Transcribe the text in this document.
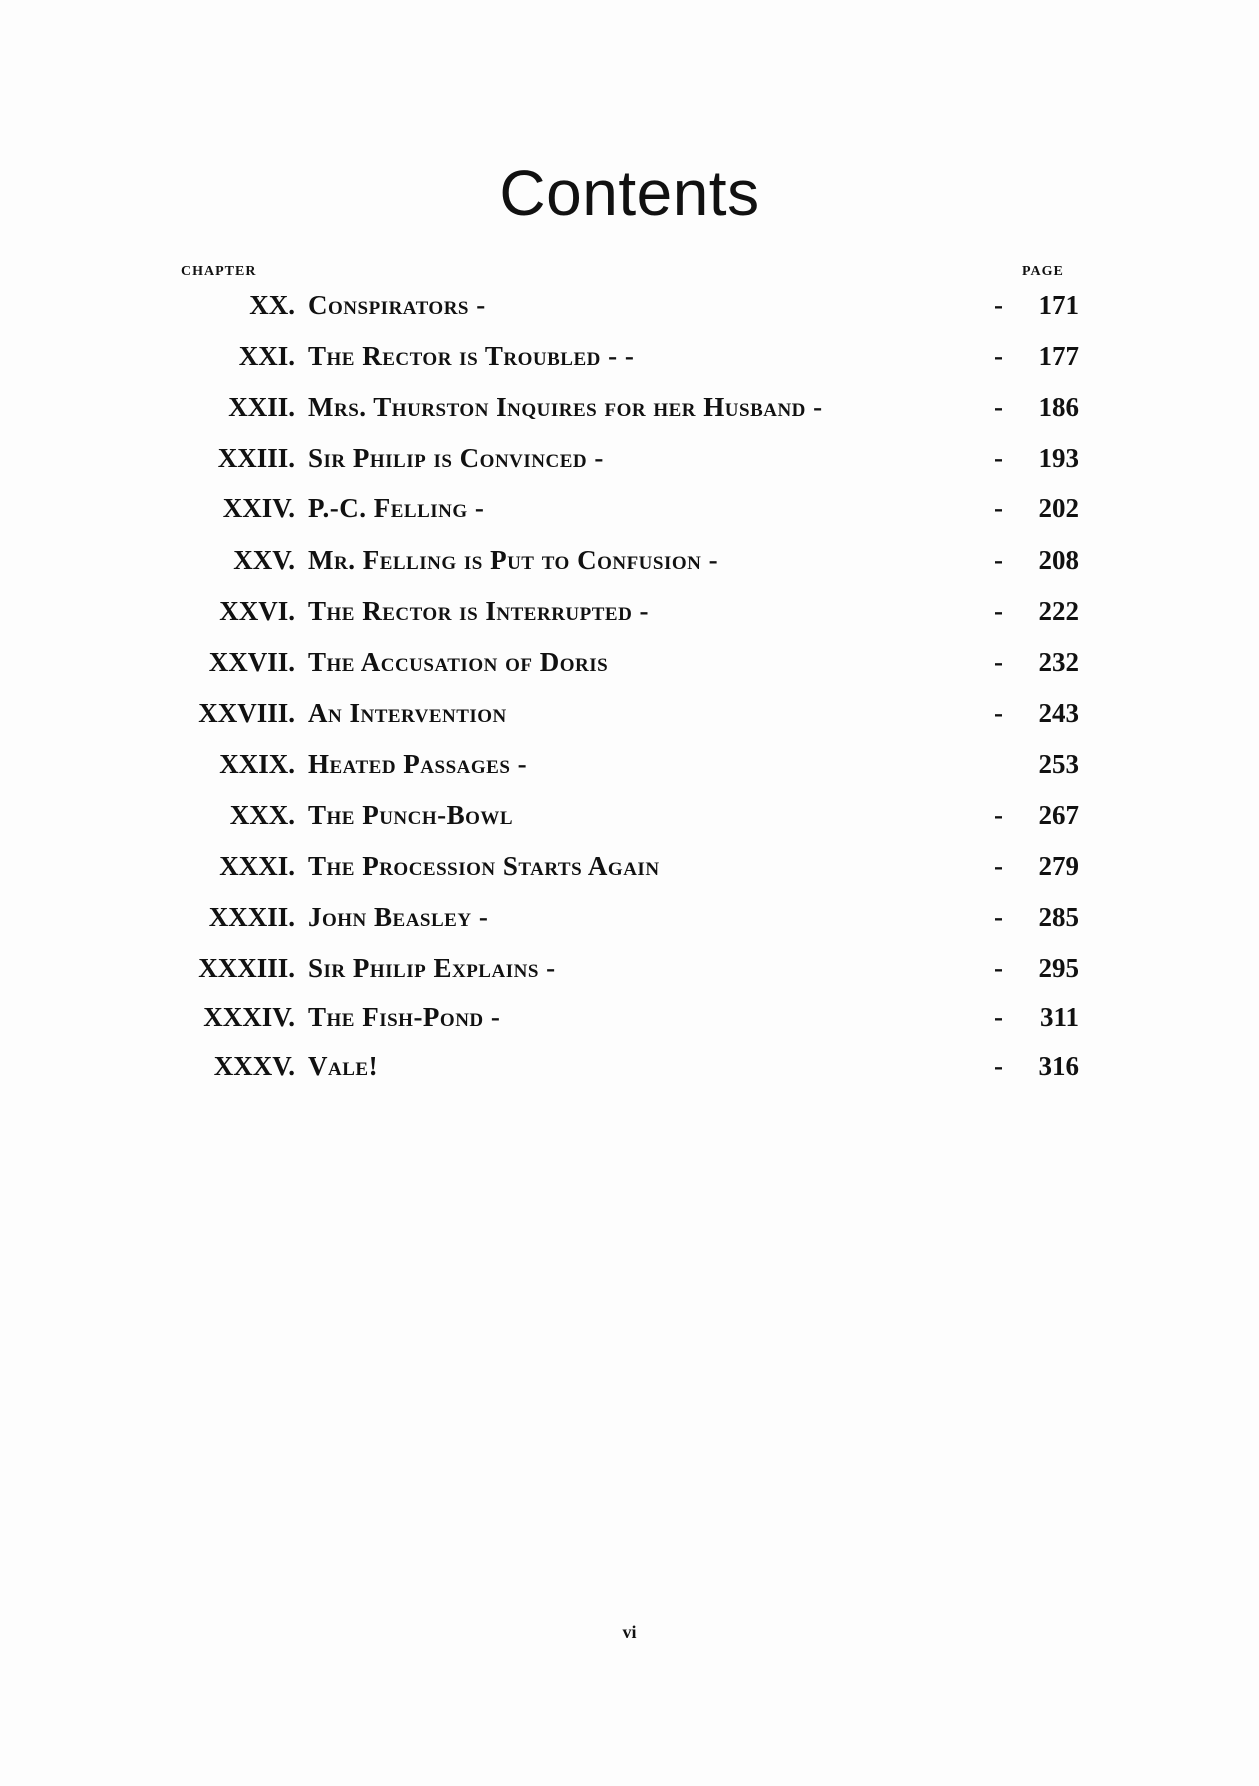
Contents
CHAPTER	PAGE
XX. Conspirators -	- 171
XXI. The Rector is Troubled - -	- 177
XXII. Mrs. Thurston Inquires for her Husband -	- 186
XXIII. Sir Philip is Convinced -	- 193
XXIV. P.-C. Felling -	- 202
XXV. Mr. Felling is Put to Confusion -	- 208
XXVI. The Rector is Interrupted -	- 222
XXVII. The Accusation of Doris	- 232
XXVIII. An Intervention	- 243
XXIX. Heated Passages -	253
XXX. The Punch-Bowl	- 267
XXXI. The Procession Starts Again	- 279
XXXII. John Beasley -	- 285
XXXIII. Sir Philip Explains -	- 295
XXXIV. The Fish-Pond -	- 311
XXXV. Vale!	- 316
vi
